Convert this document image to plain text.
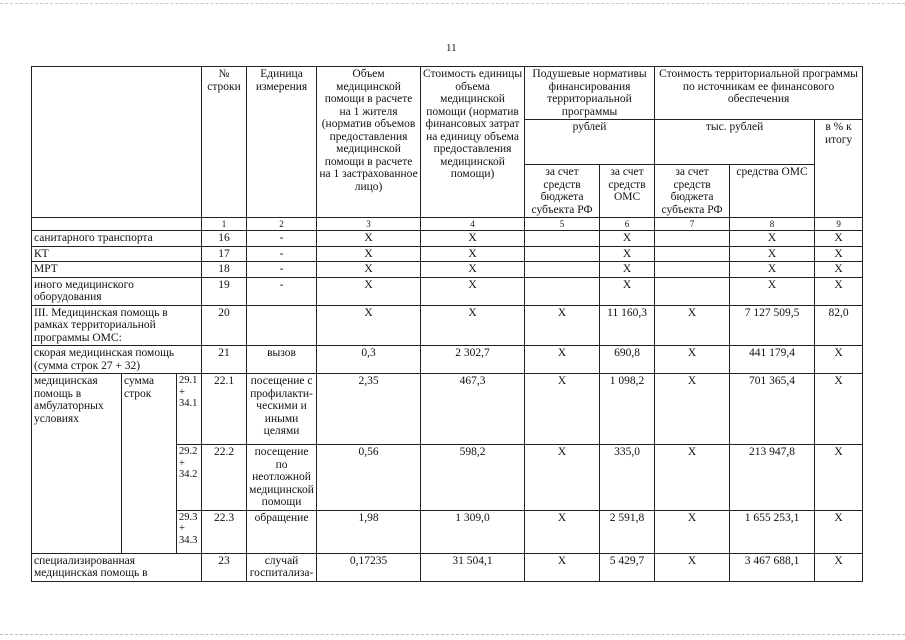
11
			№ строки	Единица измерения	Объем медицинской помощи в расчете на 1 жителя (норматив объемов предоставления медицинской помощи в расчете на 1 застрахованное лицо)	Стоимость единицы объема медицинской помощи (норматив финансовых затрат на единицу объема предоставления медицинской помощи)	Подушевые нормативы финансирования территориальной программы		Стоимость территориальной программы по источникам ее финансового обеспечения		
							рублей		тыс. рублей		в % к итогу
							за счет средств бюджета субъекта РФ	за счет средств ОМС	за счет средств бюджета субъекта РФ	средства ОМС	
			1	2	3	4	5	6	7	8	9
санитарного транспорта			16	-	Х	Х		Х		Х	Х
КТ			17	-	Х	Х		Х		Х	Х
МРТ			18	-	Х	Х		Х		Х	Х
иного медицинского оборудования			19	-	Х	Х		Х		Х	Х
III. Медицинская помощь в рамках территориальной программы ОМС:			20		Х	Х	Х	11 160,3	Х	7 127 509,5	82,0
скорая медицинская помощь (сумма строк 27 + 32)			21	вызов	0,3	2 302,7	Х	690,8	Х	441 179,4	Х
медицинская помощь в амбулаторных условиях	сумма строк	29.1 + 34.1	22.1	посещение с профилакти-ческими и иными целями	2,35	467,3	Х	1 098,2	Х	701 365,4	Х
		29.2 + 34.2	22.2	посещение по неотложной медицинской помощи	0,56	598,2	Х	335,0	Х	213 947,8	Х
		29.3 + 34.3	22.3	обращение	1,98	1 309,0	Х	2 591,8	Х	1 655 253,1	Х
специализированная медицинская помощь в			23	случай госпитализа-	0,17235	31 504,1	Х	5 429,7	Х	3 467 688,1	Х
